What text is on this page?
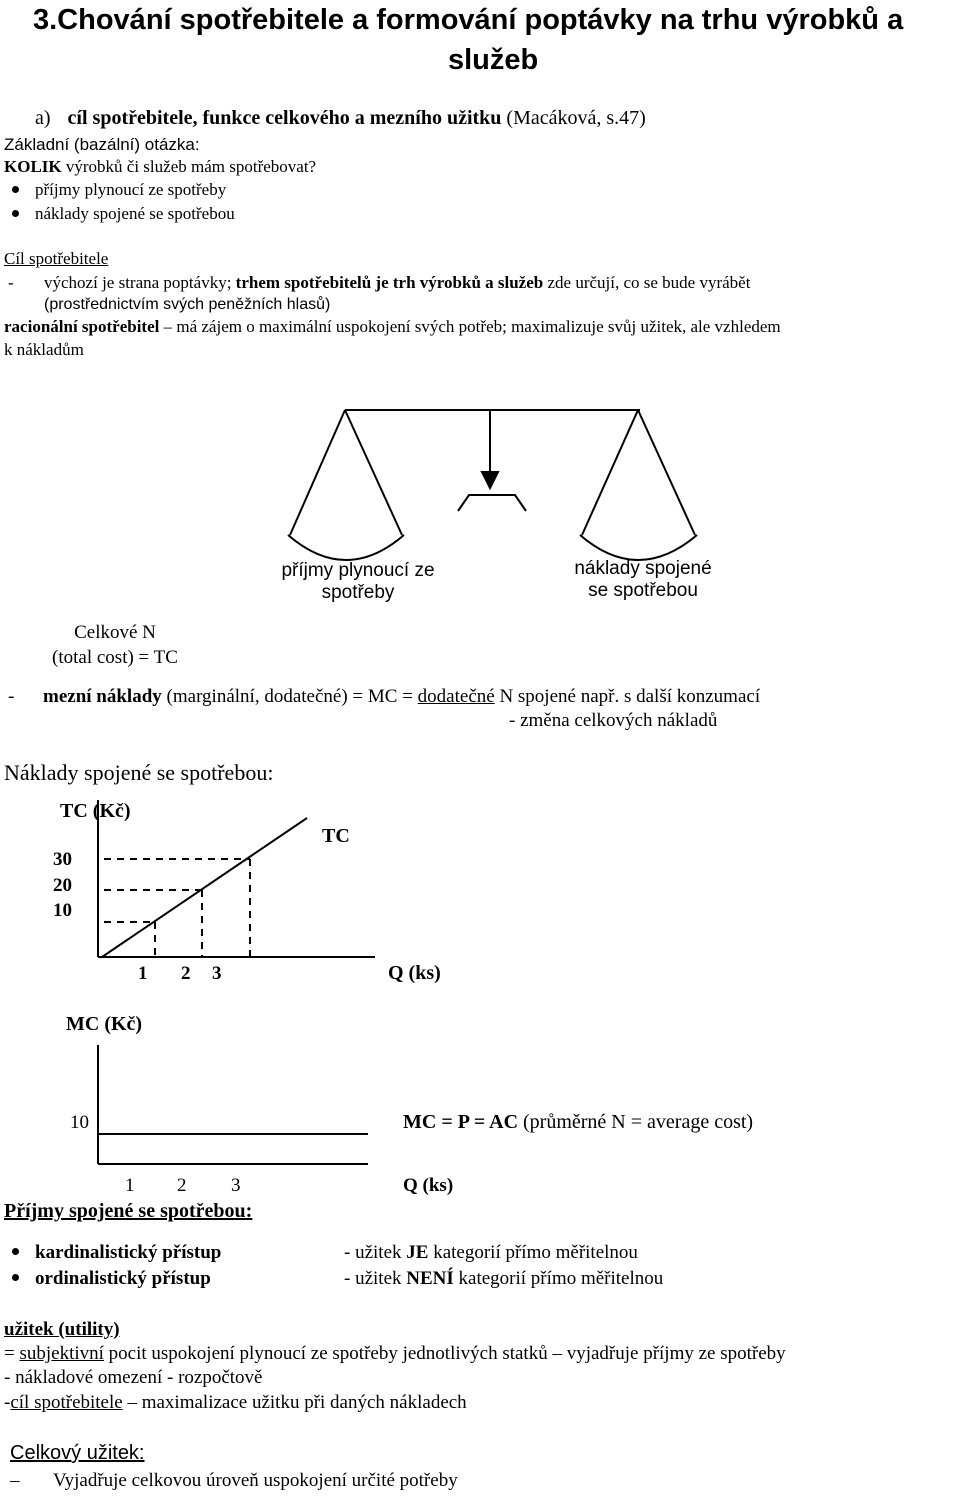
3.Chování spotřebitele a formování poptávky na trhu výrobků a
služeb
a) cíl spotřebitele, funkce celkového a mezního užitku (Macáková, s.47)
Základní (bazální) otázka:
KOLIK výrobků či služeb mám spotřebovat?
příjmy plynoucí ze spotřeby
náklady spojené se spotřebou
Cíl spotřebitele
- výchozí je strana poptávky; trhem spotřebitelů je trh výrobků a služeb zde určují, co se bude vyrábět
(prostřednictvím svých peněžních hlasů)
racionální spotřebitel – má zájem o maximální uspokojení svých potřeb; maximalizuje svůj užitek, ale vzhledem
k nákladům
příjmy plynoucí ze
spotřeby
náklady spojené
se spotřebou
Celkové N
(total cost) = TC
- mezní náklady (marginální, dodatečné) = MC = dodatečné N spojené např. s další konzumací
- změna celkových nákladů
Náklady spojené se spotřebou:
TC (Kč)
30
20
10
TC
1 2 3	Q (ks)
MC (Kč)
10	MC = P = AC (průměrné N = average cost)
1 2 3	Q (ks)
Příjmy spojené se spotřebou:
kardinalistický přístup	- užitek JE kategorií přímo měřitelnou
ordinalistický přístup	- užitek NENÍ kategorií přímo měřitelnou
užitek (utility)
= subjektivní pocit uspokojení plynoucí ze spotřeby jednotlivých statků – vyjadřuje příjmy ze spotřeby
- nákladové omezení - rozpočtově
-cíl spotřebitele – maximalizace užitku při daných nákladech
Celkový užitek:
– Vyjadřuje celkovou úroveň uspokojení určité potřeby
